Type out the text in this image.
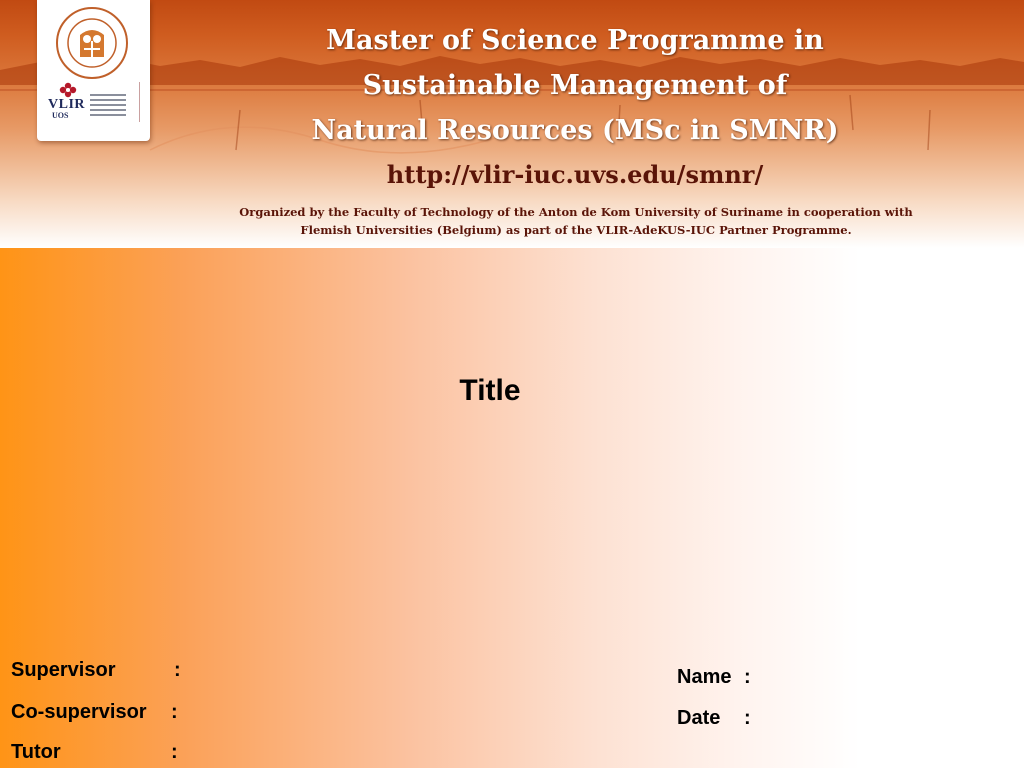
VLIR
UOS
Master of Science Programme in
Sustainable Management of
Natural Resources (MSc in SMNR)
http://vlir-iuc.uvs.edu/smnr/
Organized by the Faculty of Technology of the Anton de Kom University of Suriname in cooperation with
Flemish Universities (Belgium) as part of the VLIR-AdeKUS-IUC Partner Programme.
Title
Supervisor	:
Co-supervisor :
Tutor	:
Name :
Date :
